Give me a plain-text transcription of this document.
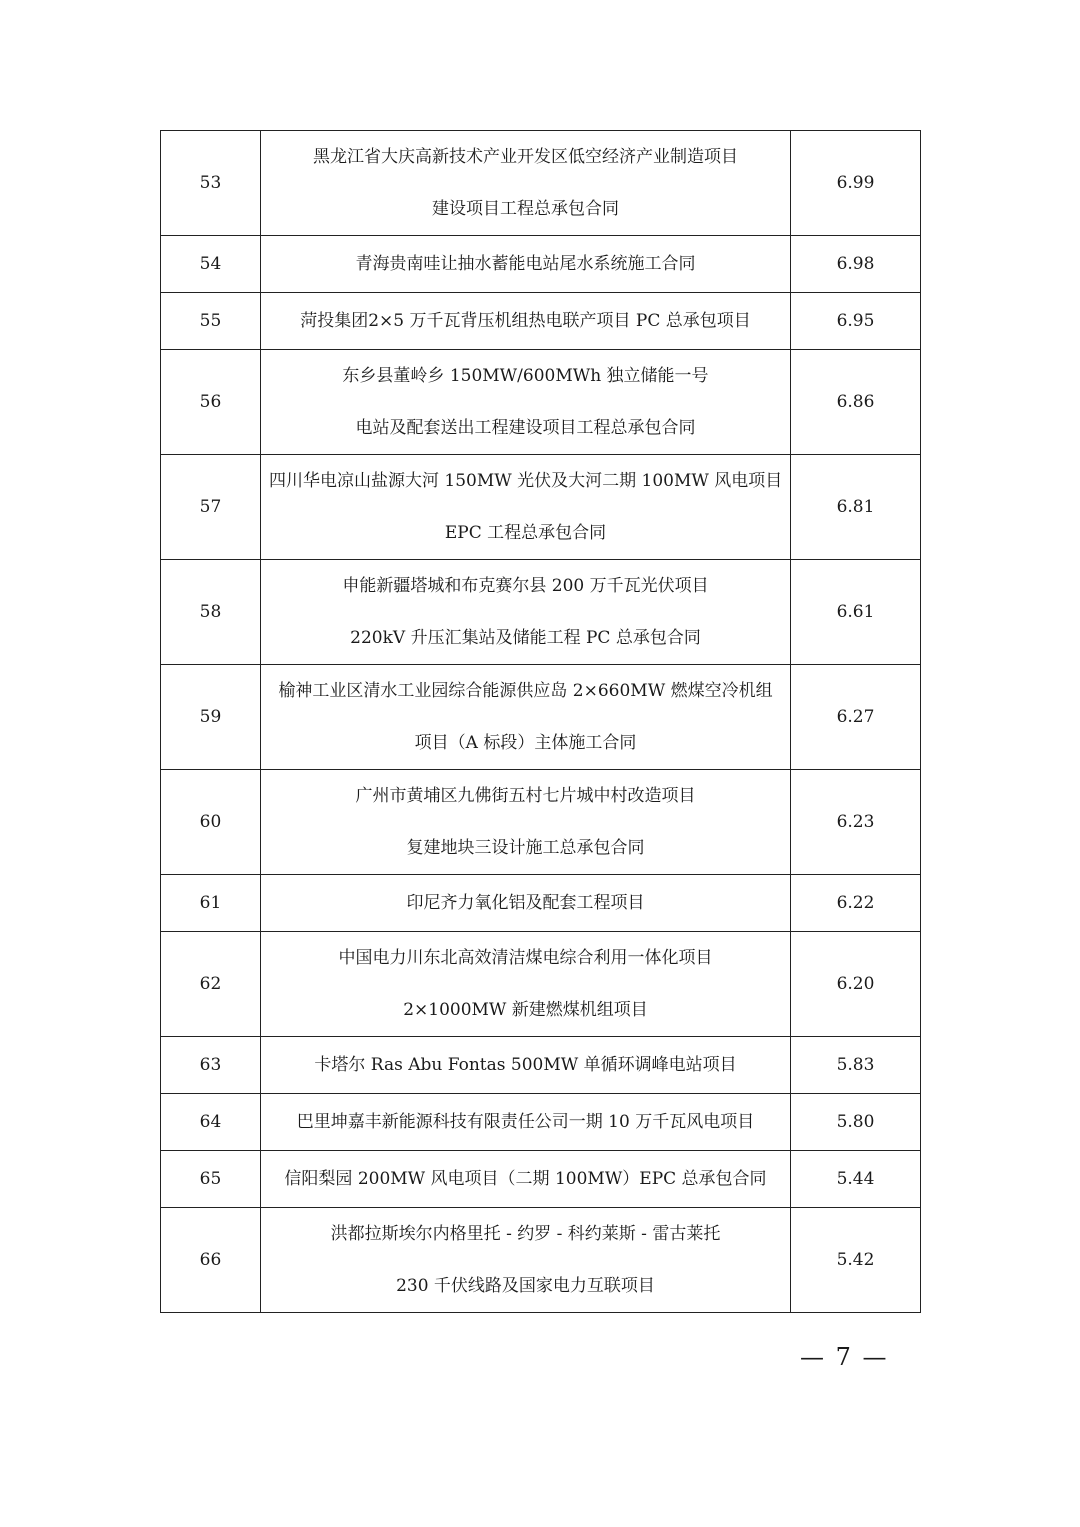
53	黑龙江省大庆高新技术产业开发区低空经济产业制造项目
建设项目工程总承包合同	6.99
54	青海贵南哇让抽水蓄能电站尾水系统施工合同	6.98
55	菏投集团2×5 万千瓦背压机组热电联产项目 PC 总承包项目	6.95
56	东乡县董岭乡 150MW/600MWh 独立储能一号
电站及配套送出工程建设项目工程总承包合同	6.86
57	四川华电凉山盐源大河 150MW 光伏及大河二期 100MW 风电项目
EPC 工程总承包合同	6.81
58	申能新疆塔城和布克赛尔县 200 万千瓦光伏项目
220kV 升压汇集站及储能工程 PC 总承包合同	6.61
59	榆神工业区清水工业园综合能源供应岛 2×660MW 燃煤空冷机组
项目（A 标段）主体施工合同	6.27
60	广州市黄埔区九佛街五村七片城中村改造项目
复建地块三设计施工总承包合同	6.23
61	印尼齐力氧化铝及配套工程项目	6.22
62	中国电力川东北高效清洁煤电综合利用一体化项目
2×1000MW 新建燃煤机组项目	6.20
63	卡塔尔 Ras Abu Fontas 500MW 单循环调峰电站项目	5.83
64	巴里坤嘉丰新能源科技有限责任公司一期 10 万千瓦风电项目	5.80
65	信阳梨园 200MW 风电项目（二期 100MW）EPC 总承包合同	5.44
66	洪都拉斯埃尔内格里托 - 约罗 - 科约莱斯 - 雷古莱托
230 千伏线路及国家电力互联项目	5.42
— 7 —
